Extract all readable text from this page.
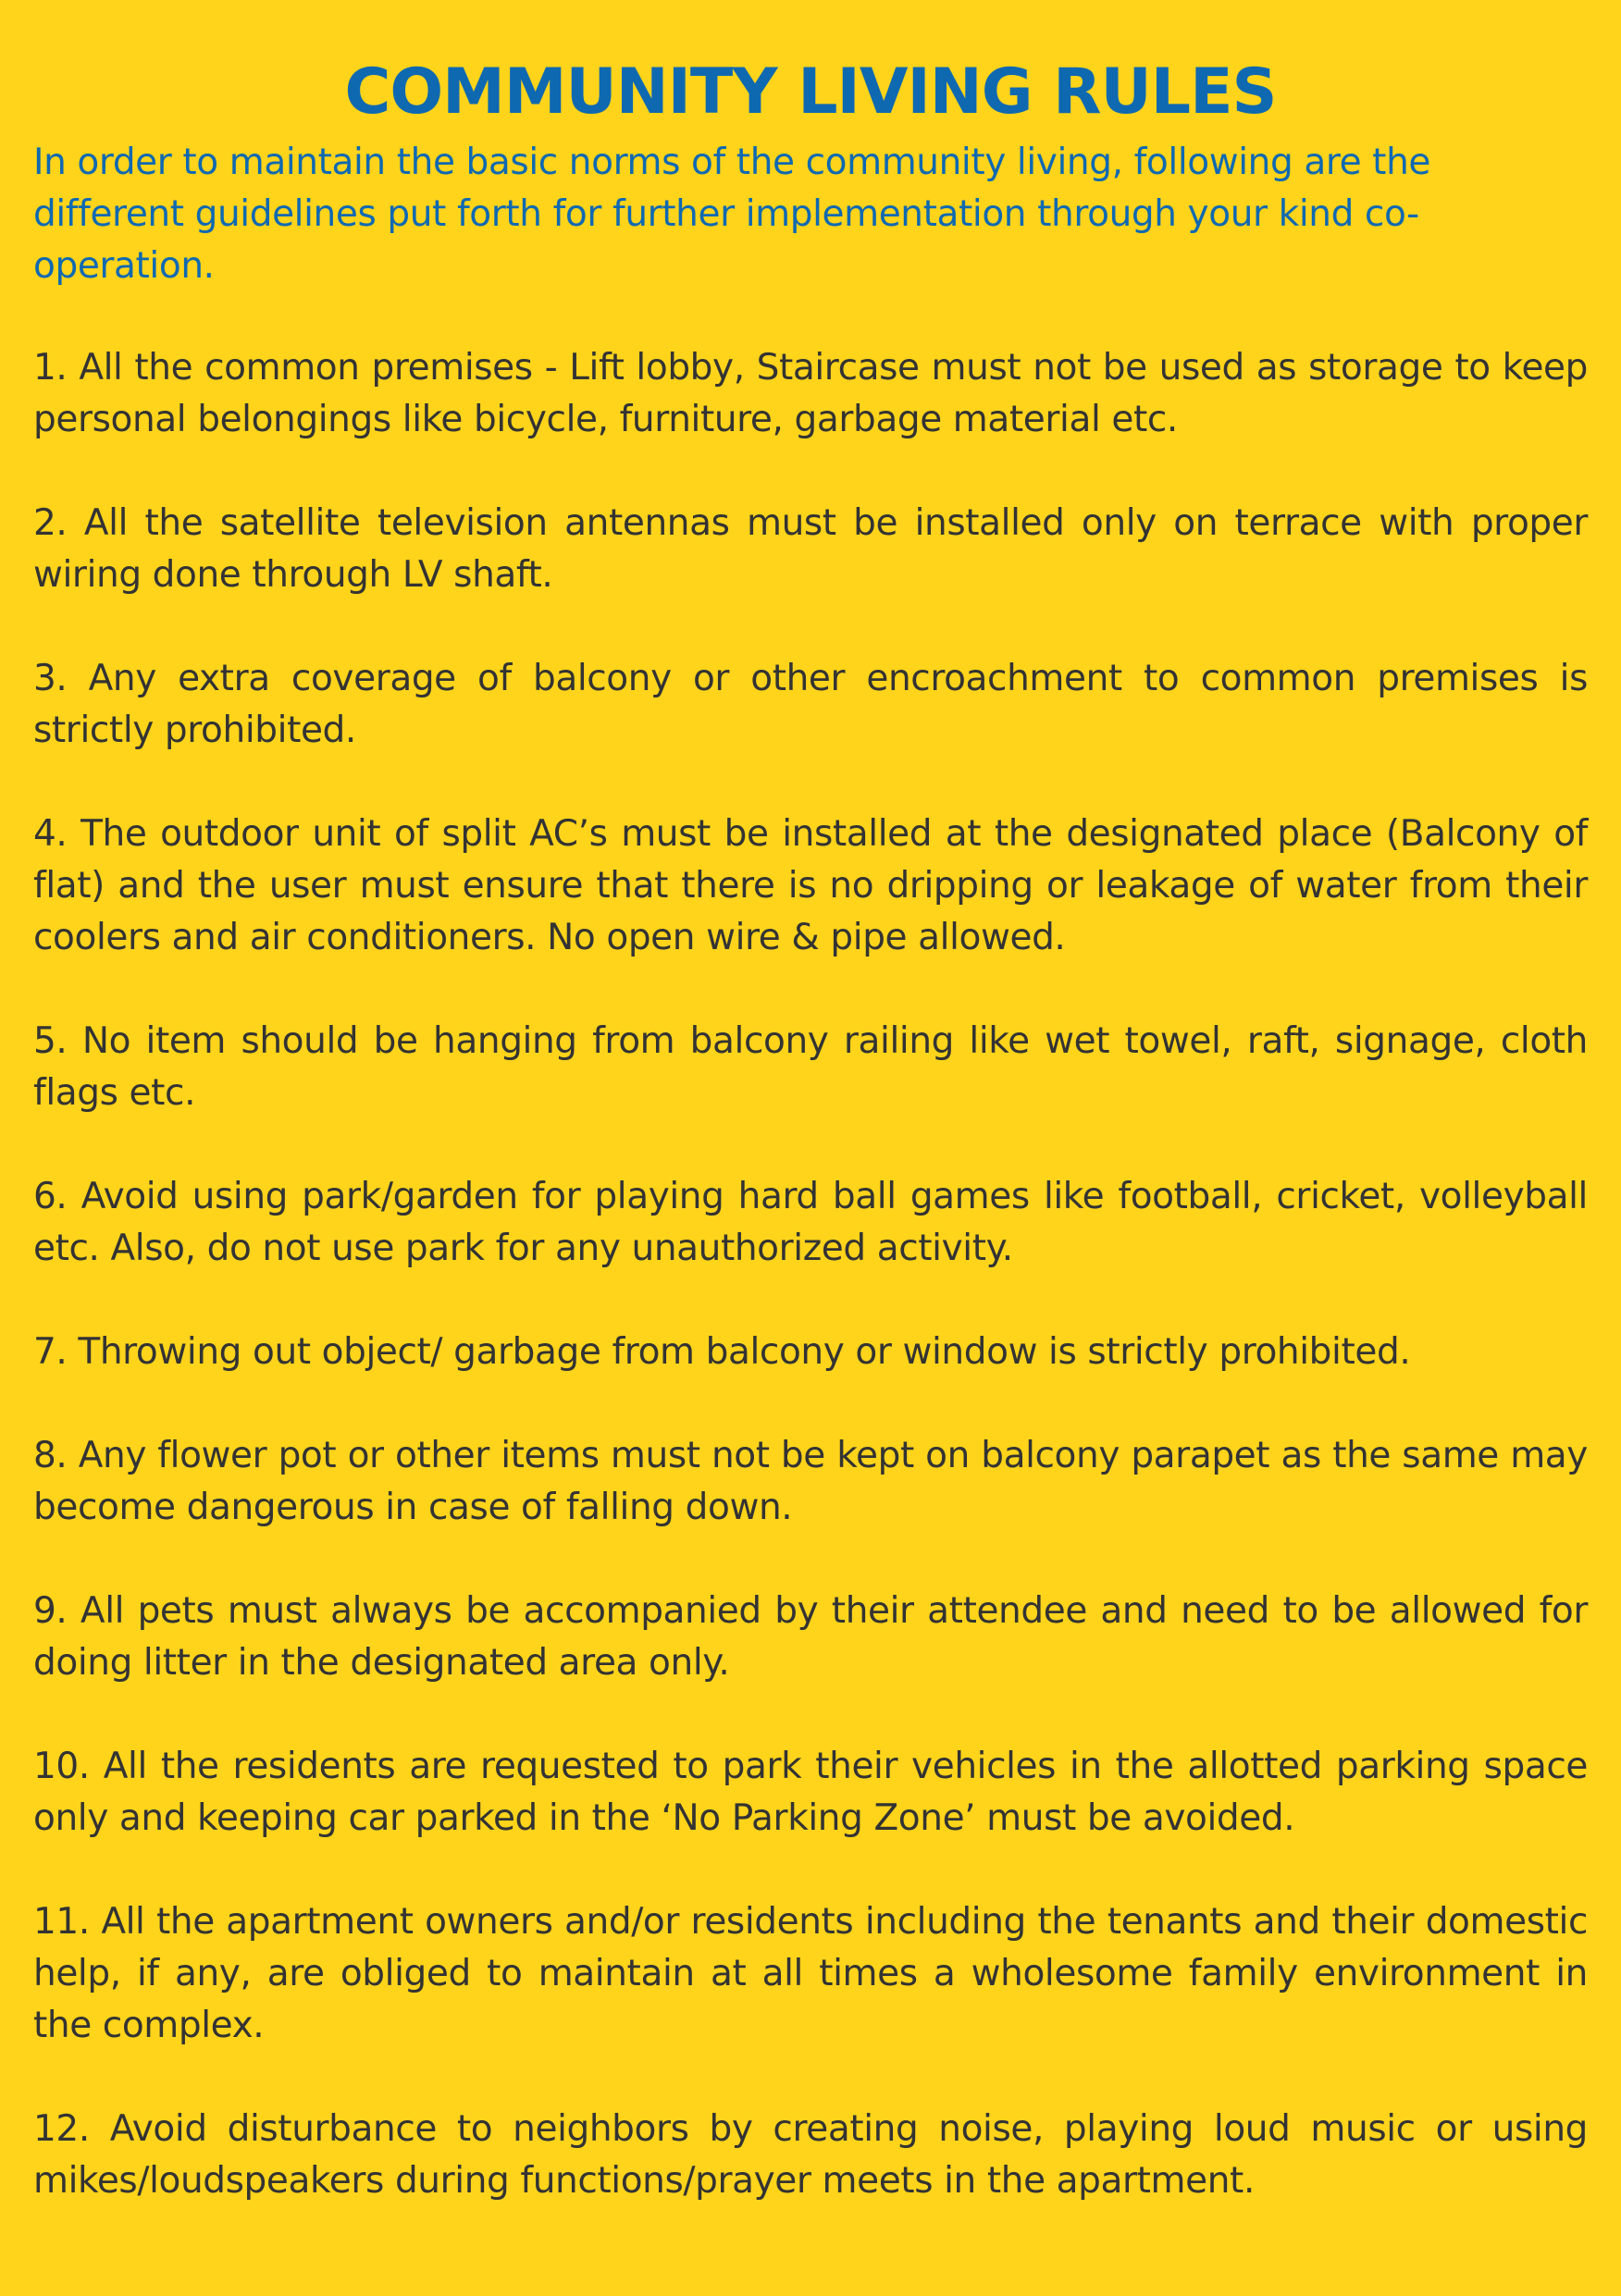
COMMUNITY LIVING RULES

In order to maintain the basic norms of the community living, following are the different guidelines put forth for further implementation through your kind co-operation.

1. All the common premises - Lift lobby, Staircase must not be used as storage to keep personal belongings like bicycle, furniture, garbage material etc.

2. All the satellite television antennas must be installed only on terrace with proper wiring done through LV shaft.

3. Any extra coverage of balcony or other encroachment to common premises is strictly prohibited.

4. The outdoor unit of split AC’s must be installed at the designated place (Balcony of flat) and the user must ensure that there is no dripping or leakage of water from their coolers and air conditioners. No open wire & pipe allowed.

5. No item should be hanging from balcony railing like wet towel, raft, signage, cloth flags etc.

6. Avoid using park/garden for playing hard ball games like football, cricket, volleyball etc. Also, do not use park for any unauthorized activity.

7. Throwing out object/ garbage from balcony or window is strictly prohibited.

8. Any flower pot or other items must not be kept on balcony parapet as the same may become dangerous in case of falling down.

9. All pets must always be accompanied by their attendee and need to be allowed for doing litter in the designated area only.

10. All the residents are requested to park their vehicles in the allotted parking space only and keeping car parked in the ‘No Parking Zone’ must be avoided.

11. All the apartment owners and/or residents including the tenants and their domestic help, if any, are obliged to maintain at all times a wholesome family environment in the complex.

12. Avoid disturbance to neighbors by creating noise, playing loud music or using mikes/loudspeakers during functions/prayer meets in the apartment.
